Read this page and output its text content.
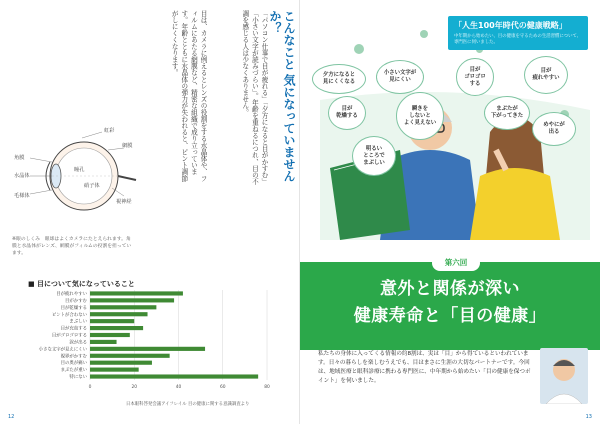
こんなこと 気になっていませんか？
「パソコン仕事で目が疲れる」「夕方になると目がかすむ」「小さい文字が読みづらい」。年齢を重ねるにつれ、目の不調を感じる人は少なくありません。
目は、カメラに例えるとレンズの役割をする水晶体や、フィルムにあたる網膜など、精密な組織で成り立っています。年齢とともに水晶体の弾力が失われると、ピント調節がしにくくなります。
角膜
虹彩
水晶体
瞳孔
毛様体
網膜
視神経
硝子体
※眼のしくみ　眼球はよくカメラにたとえられます。角膜と水晶体がレンズ、網膜がフィルムの役割を担っています。
■ 目について気になっていること
0	20	40	60	80
目が疲れやすい
目がかすむ
目が乾燥する
ピントが合わない
まぶしい
目が充血する
目がゴロゴロする
涙が出る
小さな文字が見えにくい
視界がかすむ
目の奥が痛い
まぶたが重い
特にない
日本眼科啓発会議アイフレイル 目の健康に関する意識調査より
12
夕方になると
見にくくなる
小さい文字が
見にくい
目が
ゴロゴロ
する
目が
疲れやすい
目が
乾燥する
瞬きを
しないと
よく見えない
まぶたが
下がってきた
明るい
ところで
まぶしい
めやにが
出る
「人生100年時代の健康戦略」
中年期から始めたい、目の健康を守るための生活習慣について、専門医に伺いました。
第六回
意外と関係が深い
健康寿命と「目の健康」
私たちの身体に入ってくる情報の約8割は、実は「目」から得ているといわれています。日々の暮らしを楽しむうえでも、目はまさに生涯の大切なパートナーです。今回は、地域医療と眼科診療に携わる専門医に、中年期から始めたい「目の健康を保つポイント」を伺いました。
13
